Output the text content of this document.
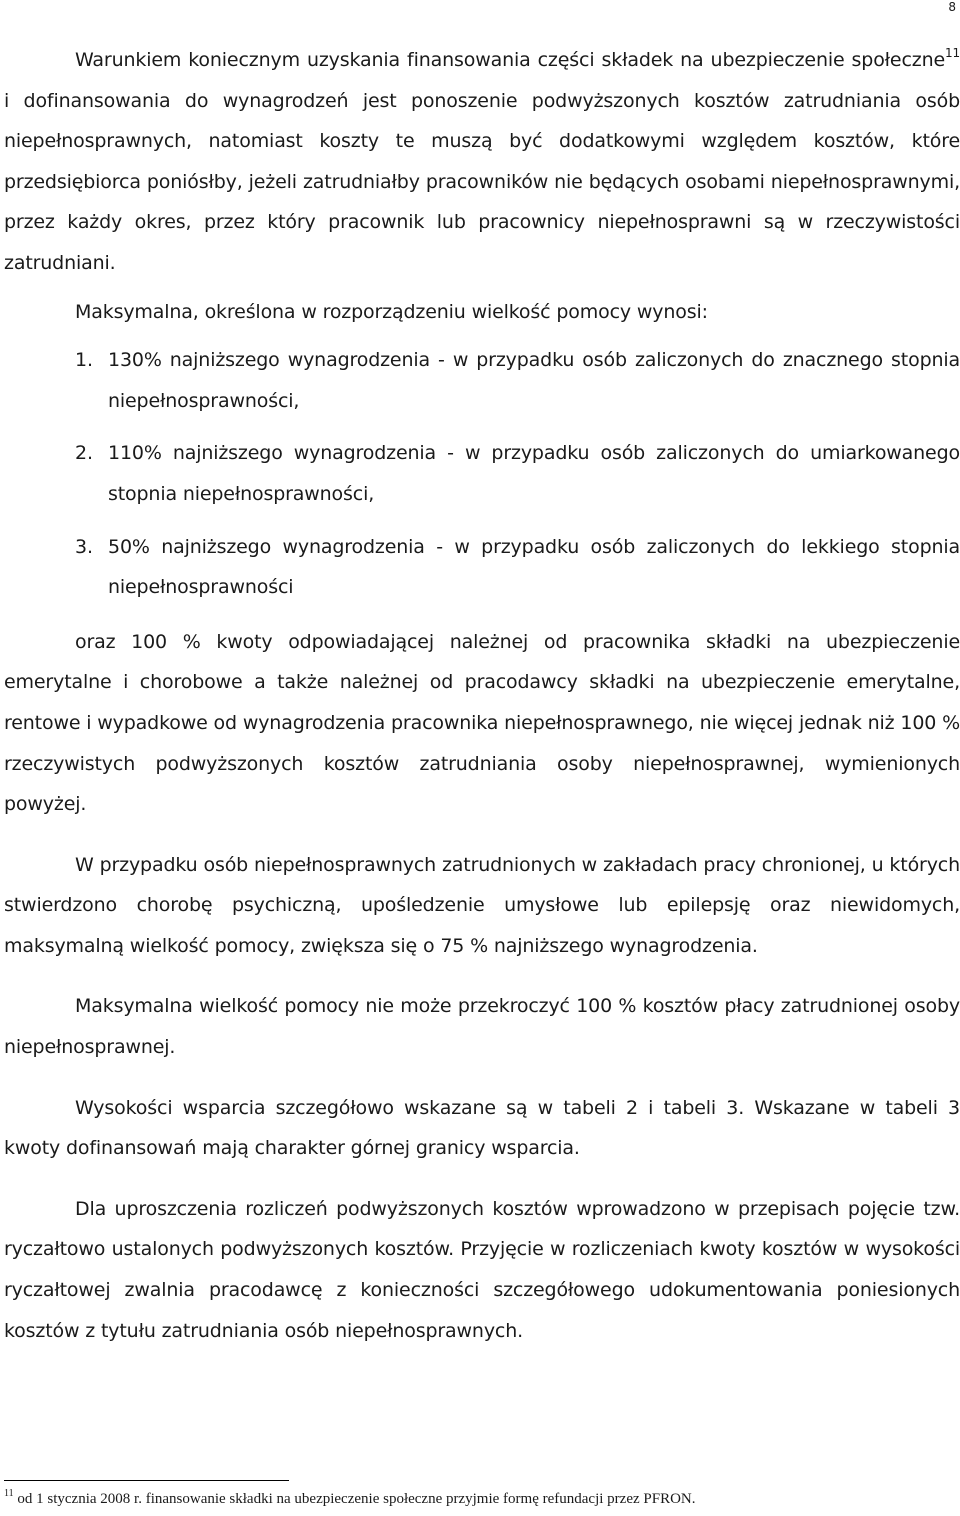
8

Warunkiem koniecznym uzyskania finansowania części składek na ubezpieczenie społeczne$^{11}$ i dofinansowania do wynagrodzeń jest ponoszenie podwyższonych kosztów zatrudniania osób niepełnosprawnych, natomiast koszty te muszą być dodatkowymi względem kosztów, które przedsiębiorca poniósłby, jeżeli zatrudniałby pracowników nie będących osobami niepełnosprawnymi, przez każdy okres, przez który pracownik lub pracownicy niepełnosprawni są w rzeczywistości zatrudniani.

Maksymalna, określona w rozporządzeniu wielkość pomocy wynosi:

1. 130% najniższego wynagrodzenia - w przypadku osób zaliczonych do znacznego stopnia niepełnosprawności,
2. 110% najniższego wynagrodzenia - w przypadku osób zaliczonych do umiarkowanego stopnia niepełnosprawności,
3. 50% najniższego wynagrodzenia - w przypadku osób zaliczonych do lekkiego stopnia niepełnosprawności

oraz 100 % kwoty odpowiadającej należnej od pracownika składki na ubezpieczenie emerytalne i chorobowe a także należnej od pracodawcy składki na ubezpieczenie emerytalne, rentowe i wypadkowe od wynagrodzenia pracownika niepełnosprawnego, nie więcej jednak niż 100 % rzeczywistych podwyższonych kosztów zatrudniania osoby niepełnosprawnej, wymienionych powyżej.

W przypadku osób niepełnosprawnych zatrudnionych w zakładach pracy chronionej, u których stwierdzono chorobę psychiczną, upośledzenie umysłowe lub epilepsję oraz niewidomych, maksymalną wielkość pomocy, zwiększa się o 75 % najniższego wynagrodzenia.

Maksymalna wielkość pomocy nie może przekroczyć 100 % kosztów płacy zatrudnionej osoby niepełnosprawnej.

Wysokości wsparcia szczegółowo wskazane są w tabeli 2 i tabeli 3. Wskazane w tabeli 3 kwoty dofinansowań mają charakter górnej granicy wsparcia.

Dla uproszczenia rozliczeń podwyższonych kosztów wprowadzono w przepisach pojęcie tzw. ryczałtowo ustalonych podwyższonych kosztów. Przyjęcie w rozliczeniach kwoty kosztów w wysokości ryczałtowej zwalnia pracodawcę z konieczności szczegółowego udokumentowania poniesionych kosztów z tytułu zatrudniania osób niepełnosprawnych.

$^{11}$ od 1 stycznia 2008 r. finansowanie składki na ubezpieczenie społeczne przyjmie formę refundacji przez PFRON.
